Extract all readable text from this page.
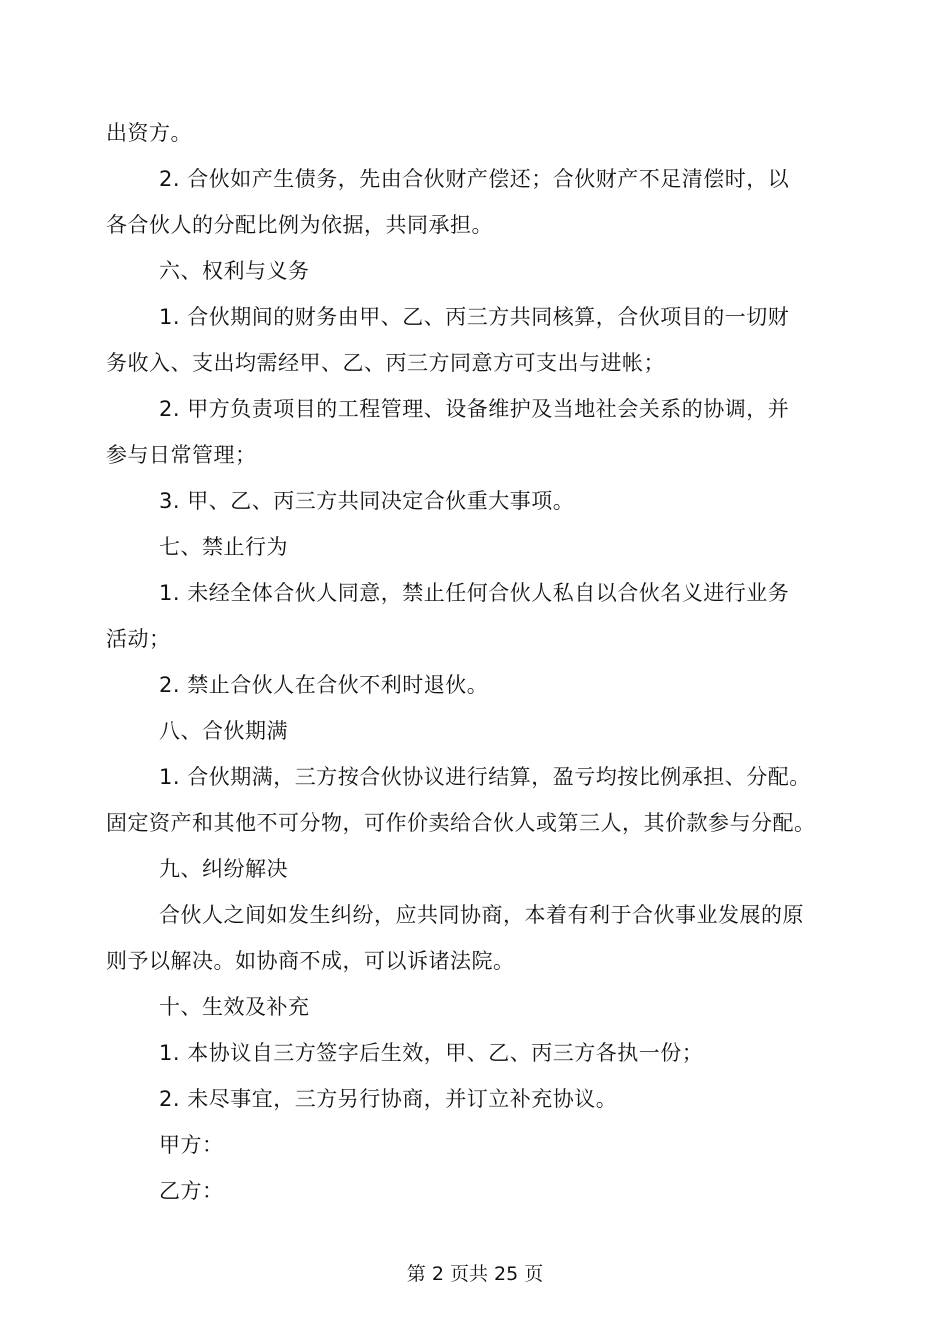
出资方。
2. 合伙如产生债务，先由合伙财产偿还；合伙财产不足清偿时，以
各合伙人的分配比例为依据，共同承担。
六、权利与义务
1. 合伙期间的财务由甲、乙、丙三方共同核算，合伙项目的一切财
务收入、支出均需经甲、乙、丙三方同意方可支出与进帐；
2. 甲方负责项目的工程管理、设备维护及当地社会关系的协调，并
参与日常管理；
3. 甲、乙、丙三方共同决定合伙重大事项。
七、禁止行为
1. 未经全体合伙人同意，禁止任何合伙人私自以合伙名义进行业务
活动；
2. 禁止合伙人在合伙不利时退伙。
八、合伙期满
1. 合伙期满，三方按合伙协议进行结算，盈亏均按比例承担、分配。
固定资产和其他不可分物，可作价卖给合伙人或第三人，其价款参与分配。
九、纠纷解决
合伙人之间如发生纠纷，应共同协商，本着有利于合伙事业发展的原
则予以解决。如协商不成，可以诉诸法院。
十、生效及补充
1. 本协议自三方签字后生效，甲、乙、丙三方各执一份；
2. 未尽事宜，三方另行协商，并订立补充协议。
甲方：
乙方：
第 2 页共 25 页
